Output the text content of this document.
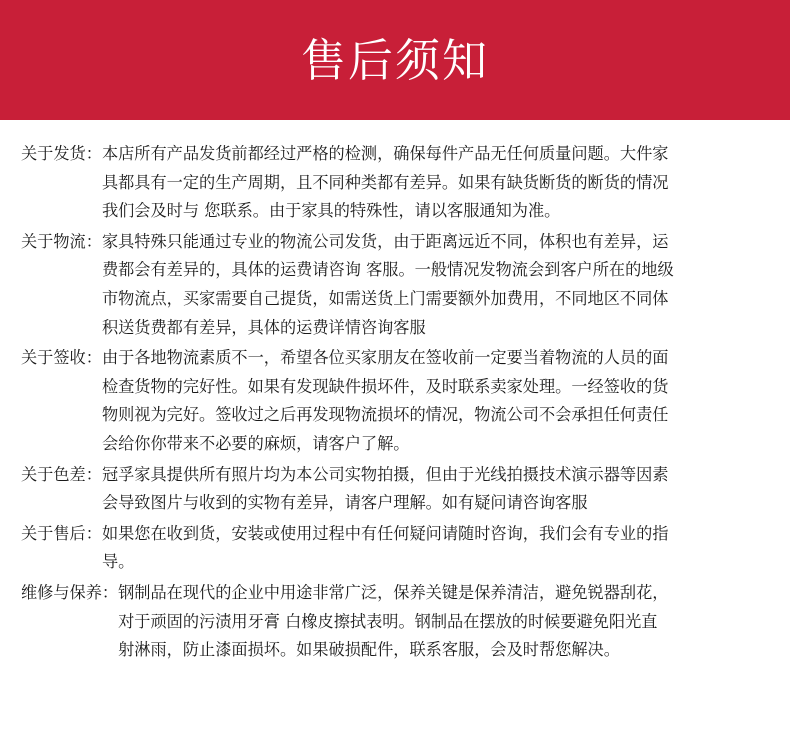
售后须知
关于发货： 本店所有产品发货前都经过严格的检测，确保每件产品无任何质量问题。大件家
具都具有一定的生产周期，且不同种类都有差异。如果有缺货断货的断货的情况
我们会及时与 您联系。由于家具的特殊性，请以客服通知为准。
关于物流： 家具特殊只能通过专业的物流公司发货，由于距离远近不同，体积也有差异，运
费都会有差异的，具体的运费请咨询 客服。一般情况发物流会到客户所在的地级
市物流点，买家需要自己提货，如需送货上门需要额外加费用，不同地区不同体
积送货费都有差异，具体的运费详情咨询客服
关于签收： 由于各地物流素质不一，希望各位买家朋友在签收前一定要当着物流的人员的面
检查货物的完好性。如果有发现缺件损坏件，及时联系卖家处理。一经签收的货
物则视为完好。签收过之后再发现物流损坏的情况，物流公司不会承担任何责任
会给你你带来不必要的麻烦，请客户了解。
关于色差： 冠孚家具提供所有照片均为本公司实物拍摄，但由于光线拍摄技术演示器等因素
会导致图片与收到的实物有差异，请客户理解。如有疑问请咨询客服
关于售后： 如果您在收到货，安装或使用过程中有任何疑问请随时咨询，我们会有专业的指
导。
维修与保养： 钢制品在现代的企业中用途非常广泛，保养关键是保养清洁，避免锐器刮花，
对于顽固的污渍用牙膏 白橡皮擦拭表明。钢制品在摆放的时候要避免阳光直
射淋雨，防止漆面损坏。如果破损配件，联系客服，会及时帮您解决。
